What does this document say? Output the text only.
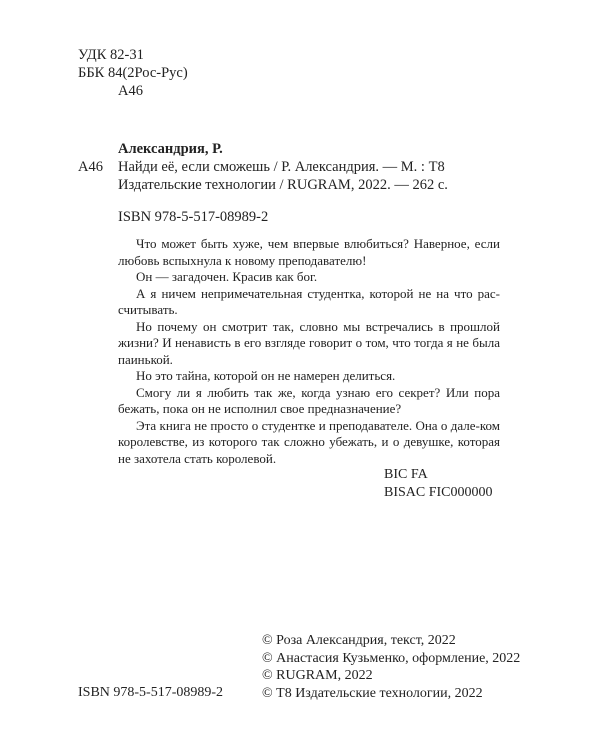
УДК 82-31
ББК 84(2Рос-Рус)
А46
Александрия, Р.
А46 Найди её, если сможешь / Р. Александрия. — М. : Т8
Издательские технологии / RUGRAM, 2022. — 262 с.
ISBN 978-5-517-08989-2

Что может быть хуже, чем впервые влюбиться? Наверное, если любовь вспыхнула к новому преподавателю!

Он — загадочен. Красив как бог.

А я ничем непримечательная студентка, которой не на что рас-считывать.

Но почему он смотрит так, словно мы встречались в прошлой жизни? И ненависть в его взгляде говорит о том, что тогда я не была паинькой.

Но это тайна, которой он не намерен делиться.

Смогу ли я любить так же, когда узнаю его секрет? Или пора бежать, пока он не исполнил свое предназначение?

Эта книга не просто о студентке и преподавателе. Она о дале-ком королевстве, из которого так сложно убежать, и о девушке, которая не захотела стать королевой.

BIC FA
BISAC FIC000000
ISBN 978-5-517-08989-2
© Роза Александрия, текст, 2022
© Анастасия Кузьменко, оформление, 2022
© RUGRAM, 2022
© Т8 Издательские технологии, 2022
